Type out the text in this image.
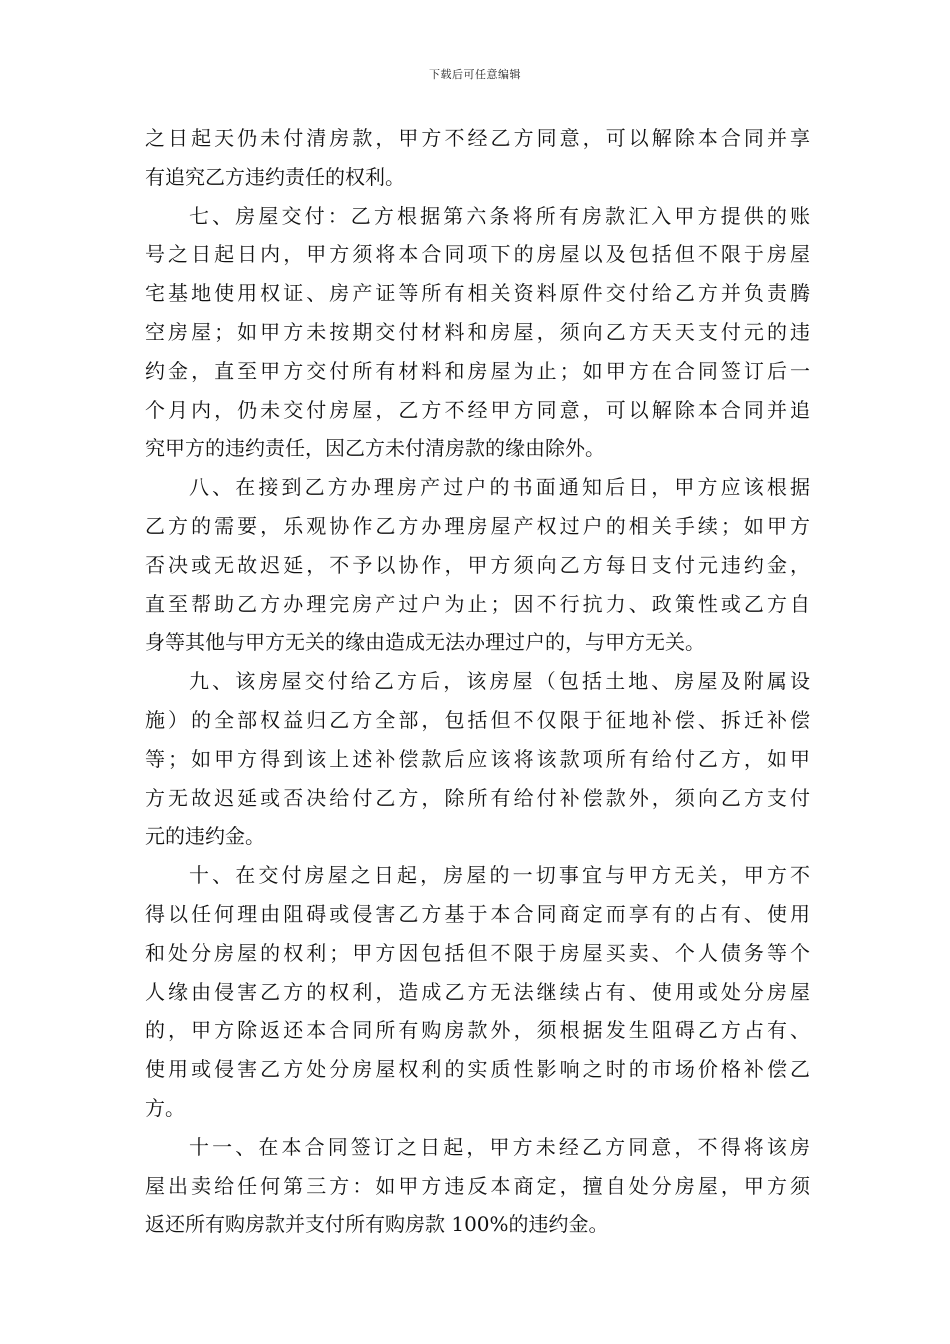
下载后可任意编辑
之日起天仍未付清房款，甲方不经乙方同意，可以解除本合同并享
有追究乙方违约责任的权利。
七、房屋交付：乙方根据第六条将所有房款汇入甲方提供的账
号之日起日内，甲方须将本合同项下的房屋以及包括但不限于房屋
宅基地使用权证、房产证等所有相关资料原件交付给乙方并负责腾
空房屋；如甲方未按期交付材料和房屋，须向乙方天天支付元的违
约金，直至甲方交付所有材料和房屋为止；如甲方在合同签订后一
个月内，仍未交付房屋，乙方不经甲方同意，可以解除本合同并追
究甲方的违约责任，因乙方未付清房款的缘由除外。
八、在接到乙方办理房产过户的书面通知后日，甲方应该根据
乙方的需要，乐观协作乙方办理房屋产权过户的相关手续；如甲方
否决或无故迟延，不予以协作，甲方须向乙方每日支付元违约金，
直至帮助乙方办理完房产过户为止；因不行抗力、政策性或乙方自
身等其他与甲方无关的缘由造成无法办理过户的，与甲方无关。
九、该房屋交付给乙方后，该房屋（包括土地、房屋及附属设
施）的全部权益归乙方全部，包括但不仅限于征地补偿、拆迁补偿
等；如甲方得到该上述补偿款后应该将该款项所有给付乙方，如甲
方无故迟延或否决给付乙方，除所有给付补偿款外，须向乙方支付
元的违约金。
十、在交付房屋之日起，房屋的一切事宜与甲方无关，甲方不
得以任何理由阻碍或侵害乙方基于本合同商定而享有的占有、使用
和处分房屋的权利；甲方因包括但不限于房屋买卖、个人债务等个
人缘由侵害乙方的权利，造成乙方无法继续占有、使用或处分房屋
的，甲方除返还本合同所有购房款外，须根据发生阻碍乙方占有、
使用或侵害乙方处分房屋权利的实质性影响之时的市场价格补偿乙
方。
十一、在本合同签订之日起，甲方未经乙方同意，不得将该房
屋出卖给任何第三方：如甲方违反本商定，擅自处分房屋，甲方须
返还所有购房款并支付所有购房款 100%的违约金。
